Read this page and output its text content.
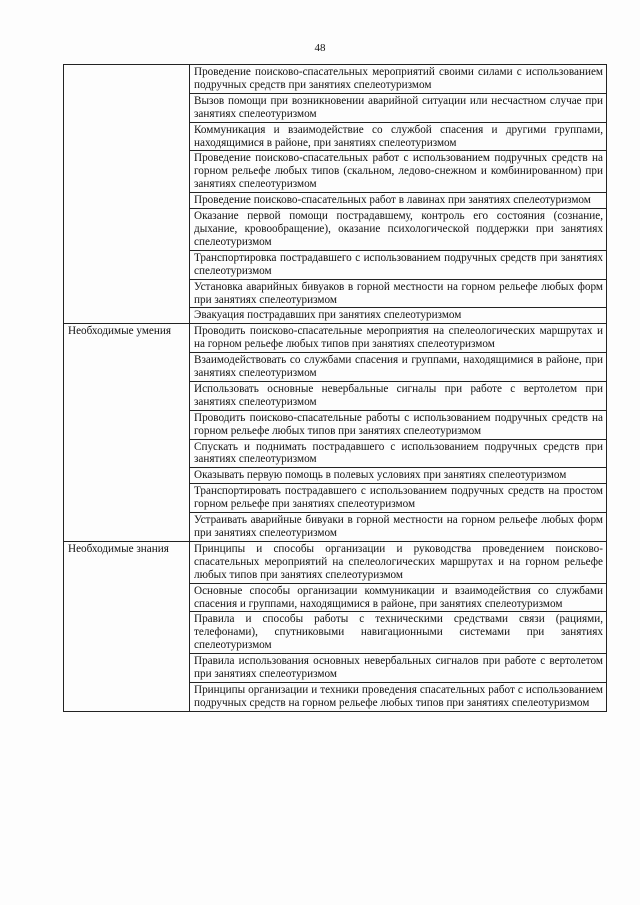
48
	Проведение поисково-спасательных мероприятий своими силами с использованием подручных средств при занятиях спелеотуризмом
	Вызов помощи при возникновении аварийной ситуации или несчастном случае при занятиях спелеотуризмом
	Коммуникация и взаимодействие со службой спасения и другими группами, находящимися в районе, при занятиях спелеотуризмом
	Проведение поисково-спасательных работ с использованием подручных средств на горном рельефе любых типов (скальном, ледово-снежном и комбинированном) при занятиях спелеотуризмом
	Проведение поисково-спасательных работ в лавинах при занятиях спелеотуризмом
	Оказание первой помощи пострадавшему, контроль его состояния (сознание, дыхание, кровообращение), оказание психологической поддержки при занятиях спелеотуризмом
	Транспортировка пострадавшего с использованием подручных средств при занятиях спелеотуризмом
	Установка аварийных бивуаков в горной местности на горном рельефе любых форм при занятиях спелеотуризмом
	Эвакуация пострадавших при занятиях спелеотуризмом
Необходимые умения	Проводить поисково-спасательные мероприятия на спелеологических маршрутах и на горном рельефе любых типов при занятиях спелеотуризмом
	Взаимодействовать со службами спасения и группами, находящимися в районе, при занятиях спелеотуризмом
	Использовать основные невербальные сигналы при работе с вертолетом при занятиях спелеотуризмом
	Проводить поисково-спасательные работы с использованием подручных средств на горном рельефе любых типов при занятиях спелеотуризмом
	Спускать и поднимать пострадавшего с использованием подручных средств при занятиях спелеотуризмом
	Оказывать первую помощь в полевых условиях при занятиях спелеотуризмом
	Транспортировать пострадавшего с использованием подручных средств на простом горном рельефе при занятиях спелеотуризмом
	Устраивать аварийные бивуаки в горной местности на горном рельефе любых форм при занятиях спелеотуризмом
Необходимые знания	Принципы и способы организации и руководства проведением поисково-спасательных мероприятий на спелеологических маршрутах и на горном рельефе любых типов при занятиях спелеотуризмом
	Основные способы организации коммуникации и взаимодействия со службами спасения и группами, находящимися в районе, при занятиях спелеотуризмом
	Правила и способы работы с техническими средствами связи (рациями, телефонами), спутниковыми навигационными системами при занятиях спелеотуризмом
	Правила использования основных невербальных сигналов при работе с вертолетом при занятиях спелеотуризмом
	Принципы организации и техники проведения спасательных работ с использованием подручных средств на горном рельефе любых типов при занятиях спелеотуризмом
